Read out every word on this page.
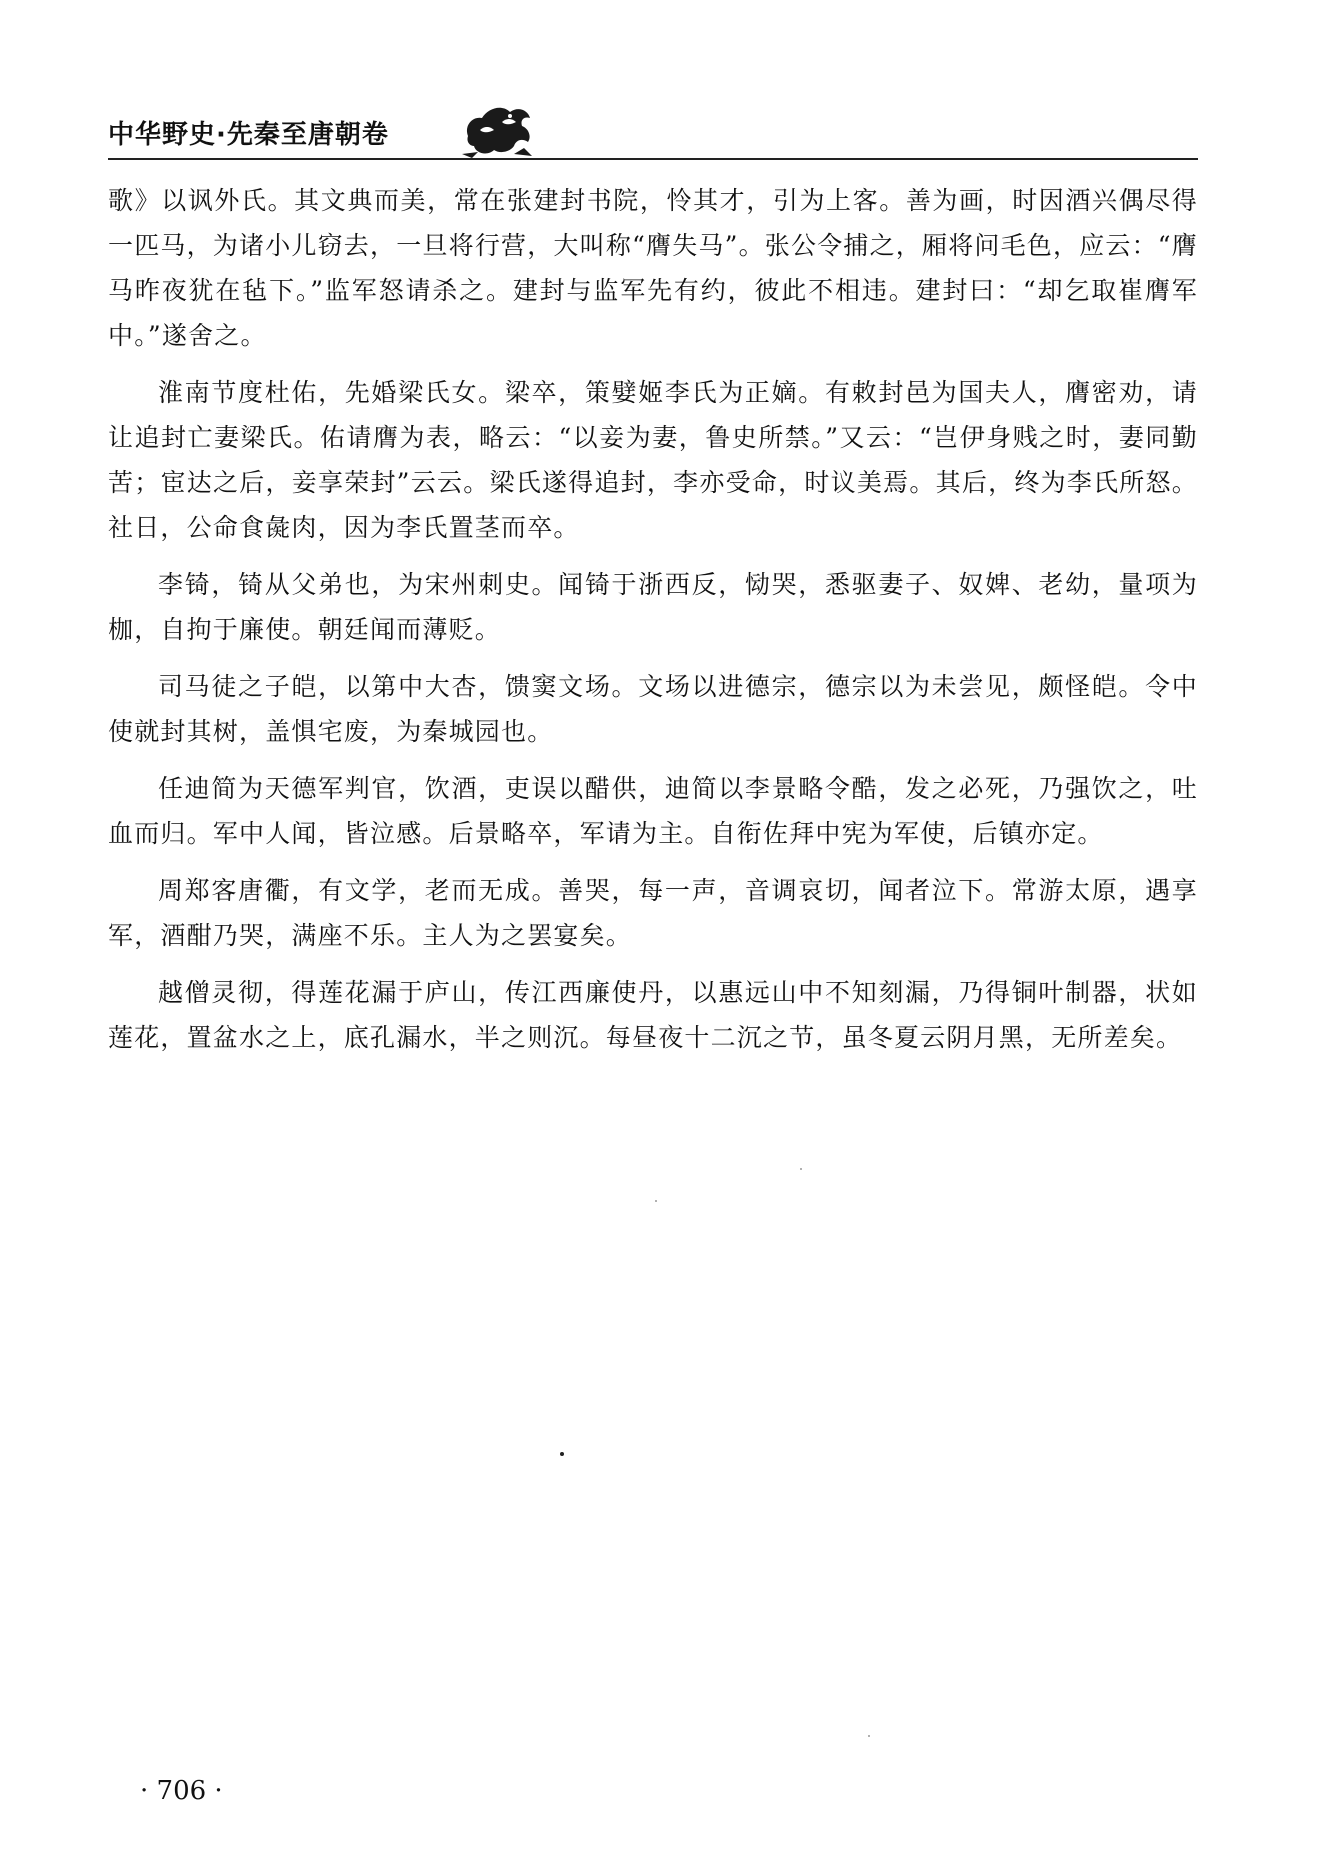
中华野史·先秦至唐朝卷

歌》以讽外氏。其文典而美，常在张建封书院，怜其才，引为上客。善为画，时因酒兴偶尽得一匹马，为诸小儿窃去，一旦将行营，大叫称“膺失马”。张公令捕之，厢将问毛色，应云：“膺马昨夜犹在毡下。”监军怒请杀之。建封与监军先有约，彼此不相违。建封曰：“却乞取崔膺军中。”遂舍之。

淮南节度杜佑，先婚梁氏女。梁卒，策嬖姬李氏为正嫡。有敕封邑为国夫人，膺密劝，请让追封亡妻梁氏。佑请膺为表，略云：“以妾为妻，鲁史所禁。”又云：“岂伊身贱之时，妻同勤苦；宦达之后，妾享荣封”云云。梁氏遂得追封，李亦受命，时议美焉。其后，终为李氏所怒。社日，公命食彘肉，因为李氏置茎而卒。

李锜，锜从父弟也，为宋州刺史。闻锜于浙西反，恸哭，悉驱妻子、奴婢、老幼，量项为枷，自拘于廉使。朝廷闻而薄贬。

司马徒之子皑，以第中大杏，馈窦文场。文场以进德宗，德宗以为未尝见，颇怪皑。令中使就封其树，盖惧宅废，为秦城园也。

任迪简为天德军判官，饮酒，吏误以醋供，迪简以李景略令酷，发之必死，乃强饮之，吐血而归。军中人闻，皆泣感。后景略卒，军请为主。自衔佐拜中宪为军使，后镇亦定。

周郑客唐衢，有文学，老而无成。善哭，每一声，音调哀切，闻者泣下。常游太原，遇享军，酒酣乃哭，满座不乐。主人为之罢宴矣。

越僧灵彻，得莲花漏于庐山，传江西廉使丹，以惠远山中不知刻漏，乃得铜叶制器，状如莲花，置盆水之上，底孔漏水，半之则沉。每昼夜十二沉之节，虽冬夏云阴月黑，无所差矣。

· 706 ·
